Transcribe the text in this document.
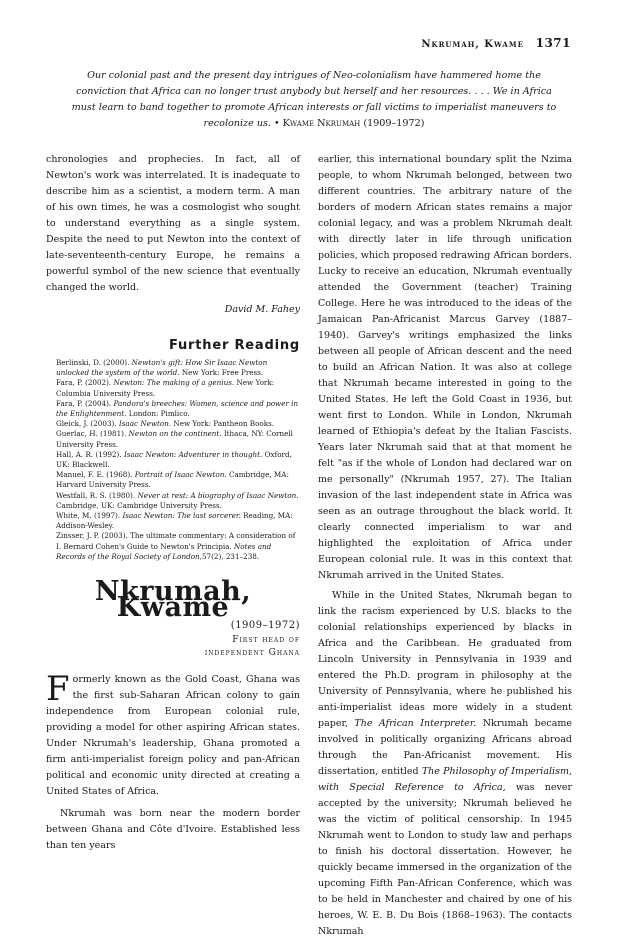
Nkrumah, Kwame 1371
Our colonial past and the present day intrigues of Neo-colonialism have hammered home the conviction that Africa can no longer trust anybody but herself and her resources. . . . We in Africa must learn to band together to promote African interests or fall victims to imperialist maneuvers to recolonize us. • Kwame Nkrumah (1909–1972)

chronologies and prophecies. In fact, all of Newton's work was interrelated. It is inadequate to describe him as a scientist, a modern term. A man of his own times, he was a cosmologist who sought to understand everything as a single system. Despite the need to put Newton into the context of late-seventeenth-century Europe, he remains a powerful symbol of the new science that eventually changed the world.

David M. Fahey
Further Reading

Berlinski, D. (2000). Newton's gift: How Sir Isaac Newton unlocked the system of the world. New York: Free Press.

Fara, P. (2002). Newton: The making of a genius. New York: Columbia University Press.

Fara, P. (2004). Pandora's breeches: Women, science and power in the Enlightenment. London: Pimlico.

Gleick, J. (2003). Isaac Newton. New York: Pantheon Books.

Guerlac, H. (1981). Newton on the continent. Ithaca, NY: Cornell University Press.

Hall, A. R. (1992). Isaac Newton: Adventurer in thought. Oxford, UK: Blackwell.

Manuel, F. E. (1968). Portrait of Isaac Newton. Cambridge, MA: Harvard University Press.

Westfall, R. S. (1980). Never at rest: A biography of Isaac Newton. Cambridge, UK: Cambridge University Press.

White, M. (1997). Isaac Newton: The last sorcerer. Reading, MA: Addison-Wesley.

Zinsser, J. P. (2003). The ultimate commentary: A consideration of I. Bernard Cohen's Guide to Newton's Principia. Notes and Records of the Royal Society of London,57(2), 231–238.

Nkrumah, Kwame
(1909–1972)
First head of
independent Ghana

Formerly known as the Gold Coast, Ghana was the first sub-Saharan African colony to gain independence from European colonial rule, providing a model for other aspiring African states. Under Nkrumah's leadership, Ghana promoted a firm anti-imperialist foreign policy and pan-African political and economic unity directed at creating a United States of Africa.

Nkrumah was born near the modern border between Ghana and Côte d'Ivoire. Established less than ten years

earlier, this international boundary split the Nzima people, to whom Nkrumah belonged, between two different countries. The arbitrary nature of the borders of modern African states remains a major colonial legacy, and was a problem Nkrumah dealt with directly later in life through unification policies, which proposed redrawing African borders. Lucky to receive an education, Nkrumah eventually attended the Government (teacher) Training College. Here he was introduced to the ideas of the Jamaican Pan-Africanist Marcus Garvey (1887–1940). Garvey's writings emphasized the links between all people of African descent and the need to build an African Nation. It was also at college that Nkrumah became interested in going to the United States. He left the Gold Coast in 1936, but went first to London. While in London, Nkrumah learned of Ethiopia's defeat by the Italian Fascists. Years later Nkrumah said that at that moment he felt "as if the whole of London had declared war on me personally" (Nkrumah 1957, 27). The Italian invasion of the last independent state in Africa was seen as an outrage throughout the black world. It clearly connected imperialism to war and highlighted the exploitation of Africa under European colonial rule. It was in this context that Nkrumah arrived in the United States.

While in the United States, Nkrumah began to link the racism experienced by U.S. blacks to the colonial relationships experienced by blacks in Africa and the Caribbean. He graduated from Lincoln University in Pennsylvania in 1939 and entered the Ph.D. program in philosophy at the University of Pennsylvania, where he published his anti-imperialist ideas more widely in a student paper, The African Interpreter. Nkrumah became involved in politically organizing Africans abroad through the Pan-Africanist movement. His dissertation, entitled The Philosophy of Imperialism, with Special Reference to Africa, was never accepted by the university; Nkrumah believed he was the victim of political censorship. In 1945 Nkrumah went to London to study law and perhaps to finish his doctoral dissertation. However, he quickly became immersed in the organization of the upcoming Fifth Pan-African Conference, which was to be held in Manchester and chaired by one of his heroes, W. E. B. Du Bois (1868–1963). The contacts Nkrumah
